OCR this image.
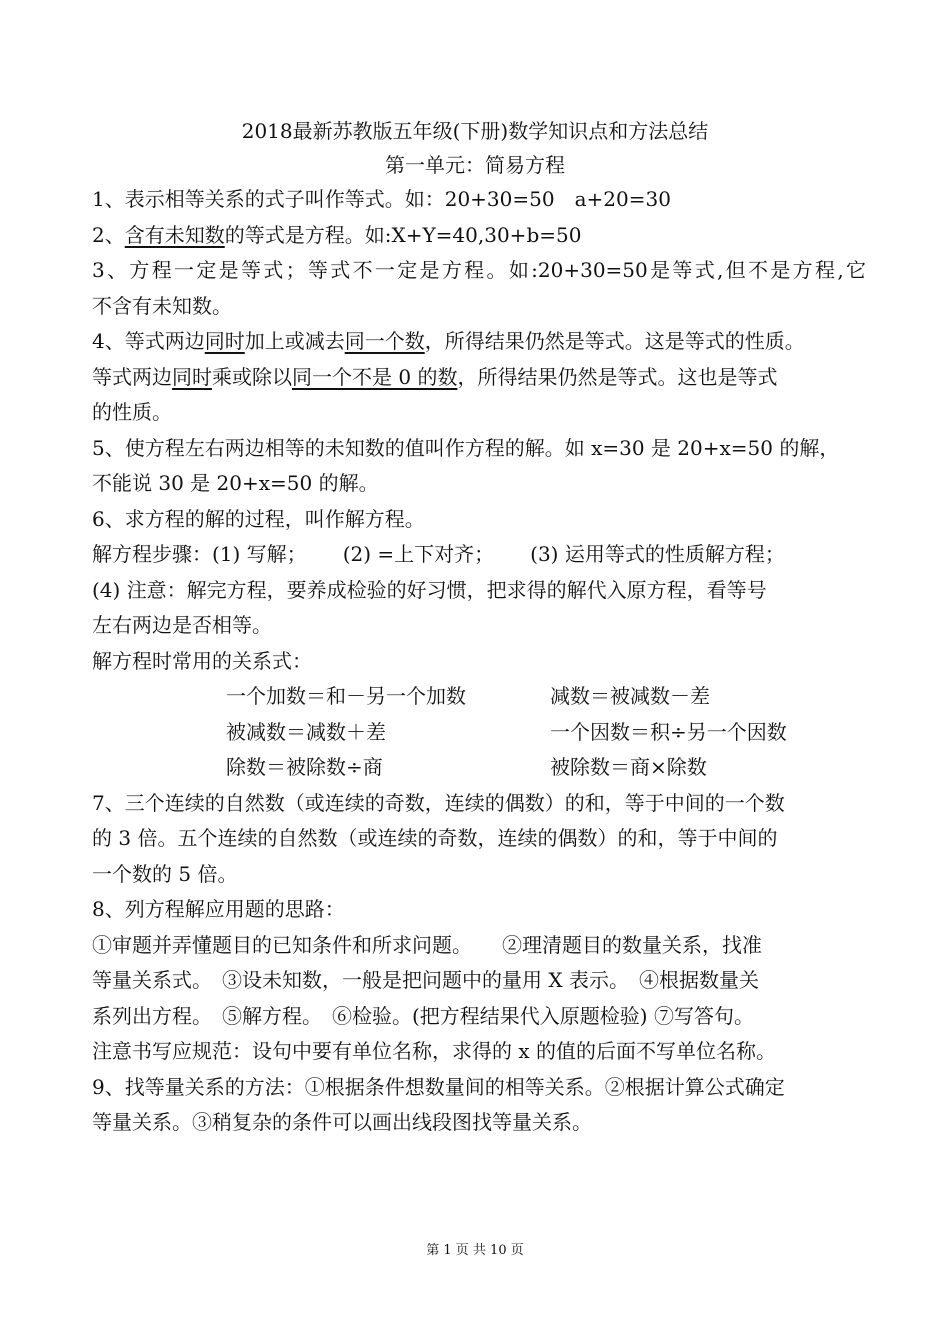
2018最新苏教版五年级(下册)数学知识点和方法总结
第一单元：简易方程
1、表示相等关系的式子叫作等式。如：20+30=50　a+20=30
2、含有未知数的等式是方程。如:X+Y=40,30+b=50
3、方程一定是等式；等式不一定是方程。如:20+30=50是等式,但不是方程,它
不含有未知数。
4、等式两边同时加上或减去同一个数，所得结果仍然是等式。这是等式的性质。
等式两边同时乘或除以同一个不是 0 的数，所得结果仍然是等式。这也是等式
的性质。
5、使方程左右两边相等的未知数的值叫作方程的解。如 x=30 是 20+x=50 的解，
不能说 30 是 20+x=50 的解。
6、求方程的解的过程，叫作解方程。
解方程步骤：(1) 写解； (2) =上下对齐； (3) 运用等式的性质解方程；
(4) 注意：解完方程，要养成检验的好习惯，把求得的解代入原方程，看等号
左右两边是否相等。
解方程时常用的关系式：
一个加数＝和－另一个加数	减数＝被减数－差
被减数＝减数＋差	一个因数＝积÷另一个因数
除数＝被除数÷商	被除数＝商×除数
7、三个连续的自然数（或连续的奇数，连续的偶数）的和，等于中间的一个数
的 3 倍。五个连续的自然数（或连续的奇数，连续的偶数）的和，等于中间的
一个数的 5 倍。
8、列方程解应用题的思路：
①审题并弄懂题目的已知条件和所求问题。　　②理清题目的数量关系，找准
等量关系式。　③设未知数，一般是把问题中的量用 X 表示。　④根据数量关
系列出方程。　⑤解方程。　⑥检验。(把方程结果代入原题检验) ⑦写答句。
注意书写应规范：设句中要有单位名称，求得的 x 的值的后面不写单位名称。
9、找等量关系的方法：①根据条件想数量间的相等关系。②根据计算公式确定
等量关系。③稍复杂的条件可以画出线段图找等量关系。
第 1 页 共 10 页
